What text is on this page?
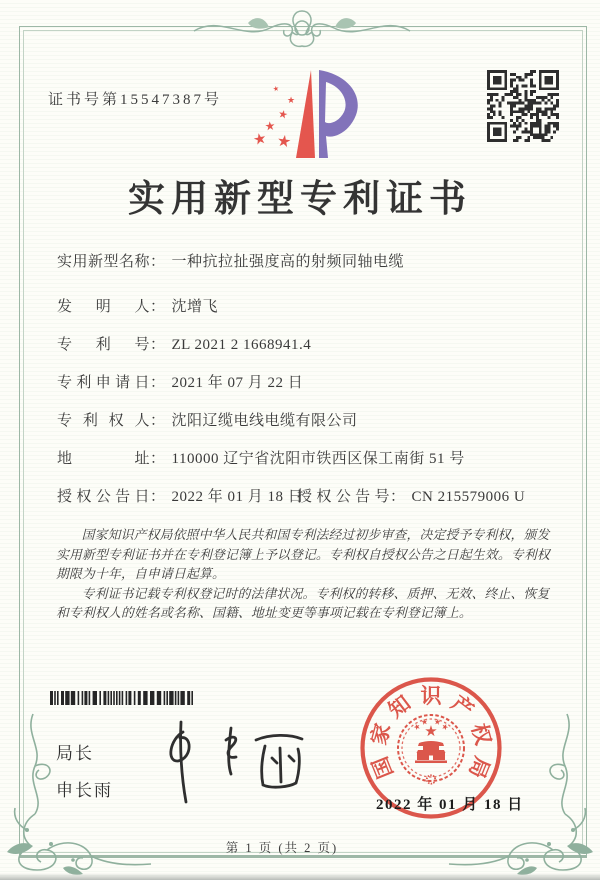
证书号第15547387号
★ ★
★
★
★
★
实用新型专利证书
实用新型名称： 一种抗拉扯强度高的射频同轴电缆
发明人： 沈增飞
专利号： ZL 2021 2 1668941.4
专利申请日： 2021 年 07 月 22 日
专利权人： 沈阳辽缆电线电缆有限公司
地址： 110000 辽宁省沈阳市铁西区保工南街 51 号
授权公告日： 2022 年 01 月 18 日
授权公告号： CN 215579006 U

国家知识产权局依照中华人民共和国专利法经过初步审查，决定授予专利权，颁发实用新型专利证书并在专利登记簿上予以登记。专利权自授权公告之日起生效。专利权期限为十年，自申请日起算。

专利证书记载专利权登记时的法律状况。专利权的转移、质押、无效、终止、恢复和专利权人的姓名或名称、国籍、地址变更等事项记载在专利登记簿上。

局长
申长雨
国
家
知 识 产
权
局
★
★
★ ★
★
2022 年 01 月 18 日
第 1 页 (共 2 页)
